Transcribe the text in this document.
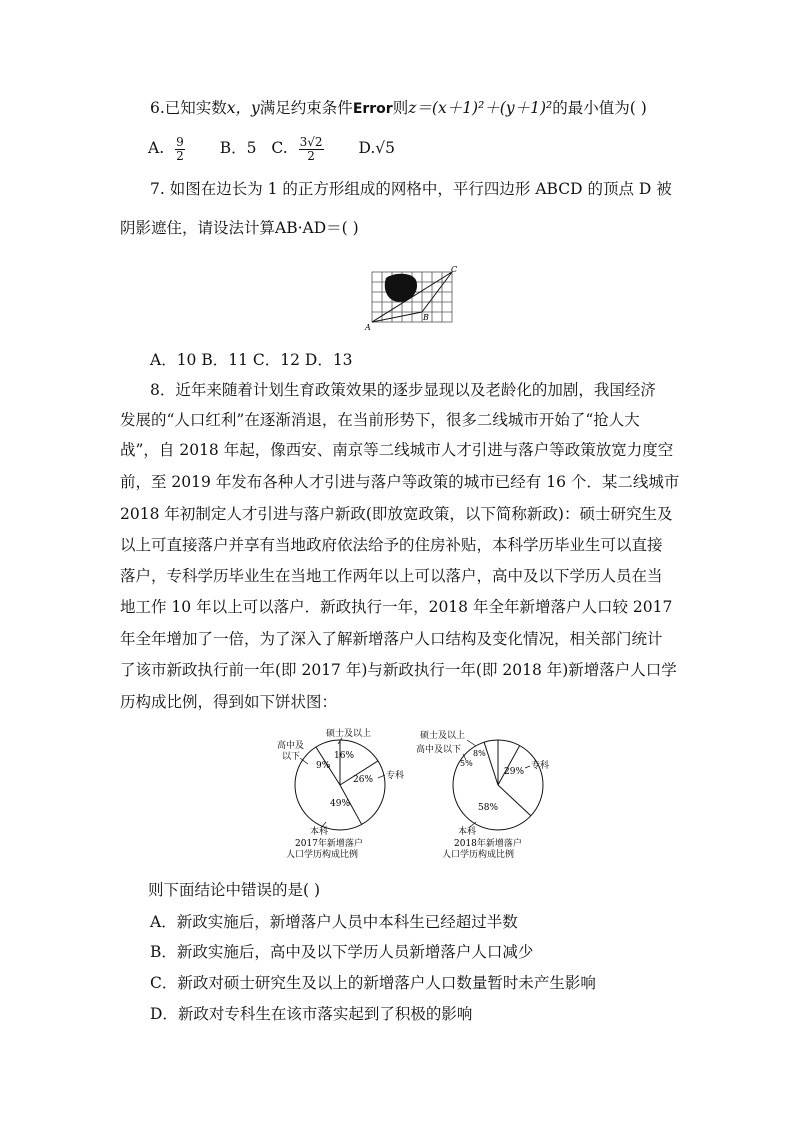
6.已知实数x，y满足约束条件Error则z＝(x＋1)²＋(y＋1)²的最小值为( )
A. $\frac{9}{2}$ B．5 C. $\frac{3√2}{2} D.√5$
7. 如图在边长为 1 的正方形组成的网格中，平行四边形 ABCD 的顶点 D 被
阴影遮住，请设法计算AB·AD＝( )
A
B
C
A．10 B．11 C．12 D．13
8．近年来随着计划生育政策效果的逐步显现以及老龄化的加剧，我国经济
发展的“人口红利”在逐渐消退，在当前形势下，很多二线城市开始了“抢人大
战”，自 2018 年起，像西安、南京等二线城市人才引进与落户等政策放宽力度空
前，至 2019 年发布各种人才引进与落户等政策的城市已经有 16 个．某二线城市
2018 年初制定人才引进与落户新政(即放宽政策，以下简称新政)：硕士研究生及
以上可直接落户并享有当地政府依法给予的住房补贴，本科学历毕业生可以直接
落户，专科学历毕业生在当地工作两年以上可以落户，高中及以下学历人员在当
地工作 10 年以上可以落户．新政执行一年，2018 年全年新增落户人口较 2017
年全年增加了一倍，为了深入了解新增落户人口结构及变化情况，相关部门统计
了该市新政执行前一年(即 2017 年)与新政执行一年(即 2018 年)新增落户人口学
历构成比例，得到如下饼状图：
16%
26%
49%
9%
硕士及以上
专科
高中及
以下
本科
2017年新增落户
人口学历构成比例
8%
29%
58%
5%
硕士及以上
高中及以下
专科
本科
2018年新增落户
人口学历构成比例
则下面结论中错误的是( )
A．新政实施后，新增落户人员中本科生已经超过半数
B．新政实施后，高中及以下学历人员新增落户人口减少
C．新政对硕士研究生及以上的新增落户人口数量暂时未产生影响
D．新政对专科生在该市落实起到了积极的影响
